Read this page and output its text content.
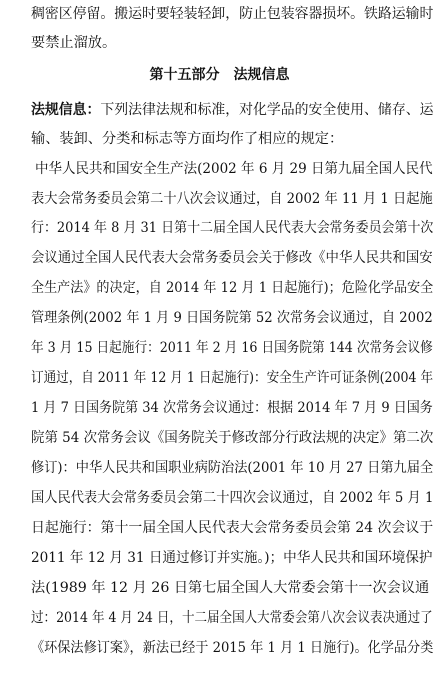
稠密区停留。搬运时要轻装轻卸，防止包装容器损坏。铁路运输时
要禁止溜放。
第十五部分　法规信息
法规信息：下列法律法规和标准，对化学品的安全使用、储存、运
输、装卸、分类和标志等方面均作了相应的规定：
中华人民共和国安全生产法(2002 年 6 月 29 日第九届全国人民代
表大会常务委员会第二十八次会议通过，自 2002 年 11 月 1 日起施
行：2014 年 8 月 31 日第十二届全国人民代表大会常务委员会第十次
会议通过全国人民代表大会常务委员会关于修改《中华人民共和国安
全生产法》的决定，自 2014 年 12 月 1 日起施行)；危险化学品安全
管理条例(2002 年 1 月 9 日国务院第 52 次常务会议通过，自 2002
年 3 月 15 日起施行：2011 年 2 月 16 日国务院第 144 次常务会议修
订通过，自 2011 年 12 月 1 日起施行)：安全生产许可证条例(2004 年
1 月 7 日国务院第 34 次常务会议通过：根据 2014 年 7 月 9 日国务
院第 54 次常务会议《国务院关于修改部分行政法规的决定》第二次
修订)：中华人民共和国职业病防治法(2001 年 10 月 27 日第九届全
国人民代表大会常务委员会第二十四次会议通过，自 2002 年 5 月 1
日起施行：第十一届全国人民代表大会常务委员会第 24 次会议于
2011 年 12 月 31 日通过修订并实施。)；中华人民共和国环境保护
法(1989 年 12 月 26 日第七届全国人大常委会第十一次会议通
过：2014 年 4 月 24 日，十二届全国人大常委会第八次会议表决通过了
《环保法修订案》，新法已经于 2015 年 1 月 1 日施行)。化学品分类
